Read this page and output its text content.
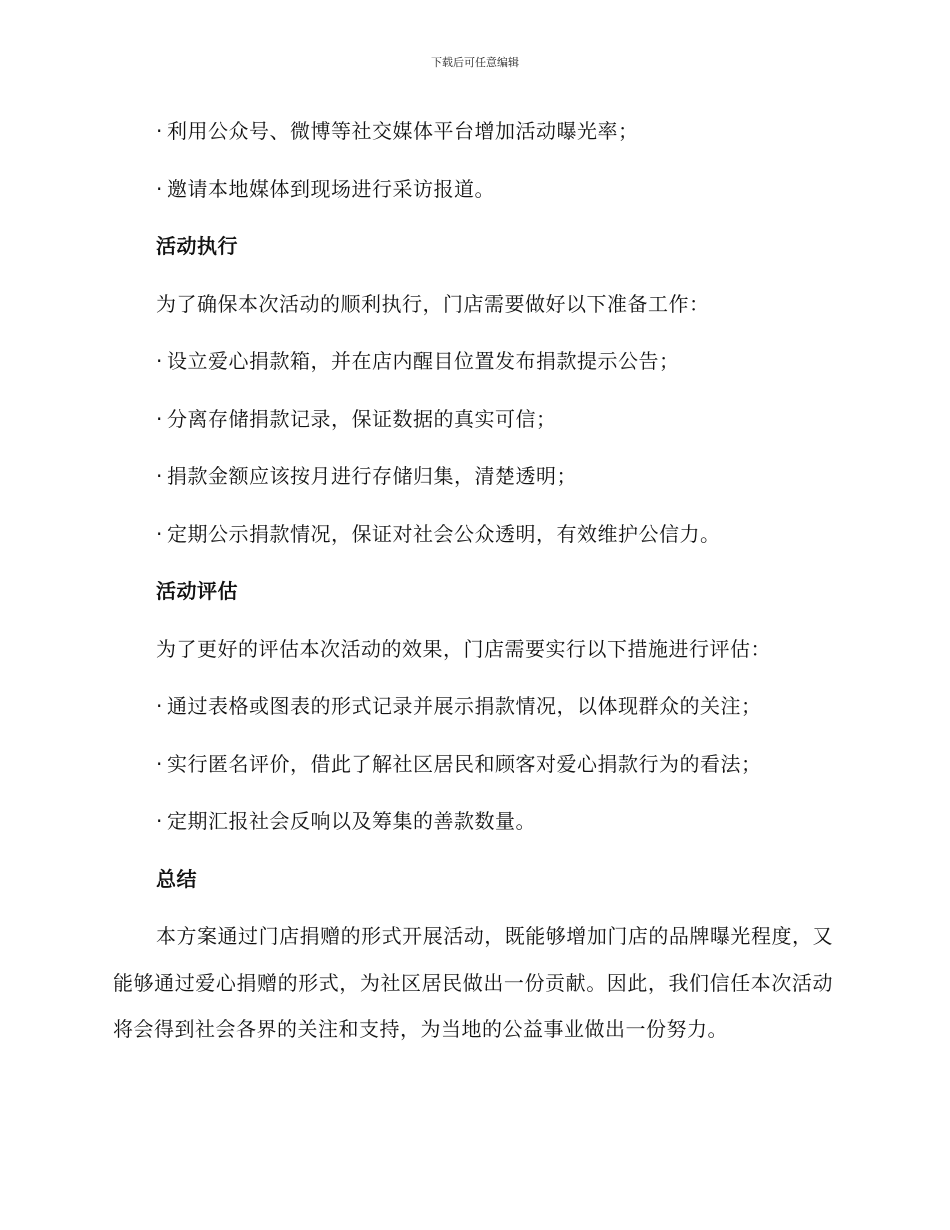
下载后可任意编辑
· 利用公众号、微博等社交媒体平台增加活动曝光率；
· 邀请本地媒体到现场进行采访报道。
活动执行
为了确保本次活动的顺利执行，门店需要做好以下准备工作：
· 设立爱心捐款箱，并在店内醒目位置发布捐款提示公告；
· 分离存储捐款记录，保证数据的真实可信；
· 捐款金额应该按月进行存储归集，清楚透明；
· 定期公示捐款情况，保证对社会公众透明，有效维护公信力。
活动评估
为了更好的评估本次活动的效果，门店需要实行以下措施进行评估：
· 通过表格或图表的形式记录并展示捐款情况，以体现群众的关注；
· 实行匿名评价，借此了解社区居民和顾客对爱心捐款行为的看法；
· 定期汇报社会反响以及筹集的善款数量。
总结

本方案通过门店捐赠的形式开展活动，既能够增加门店的品牌曝光程度，又能够通过爱心捐赠的形式，为社区居民做出一份贡献。因此，我们信任本次活动将会得到社会各界的关注和支持，为当地的公益事业做出一份努力。
